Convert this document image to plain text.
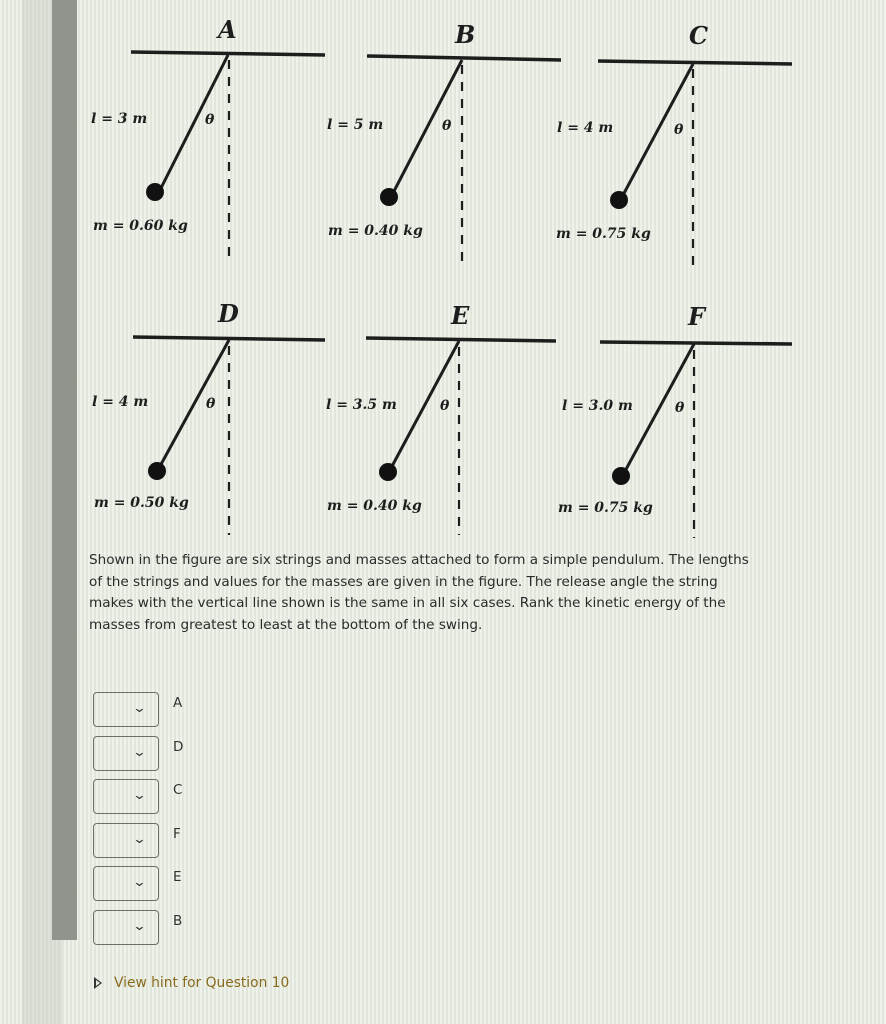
A
l = 3 m	θ
m = 0.60 kg
B
l = 5 m	θ
m = 0.40 kg
C
l = 4 m	θ
m = 0.75 kg
D
l = 4 m	θ
m = 0.50 kg
E
l = 3.5 m	θ
m = 0.40 kg
F
l = 3.0 m	θ
m = 0.75 kg
Shown in the figure are six strings and masses attached to form a simple pendulum. The lengths of the strings and values for the masses are given in the figure. The release angle the string makes with the vertical line shown is the same in all six cases. Rank the kinetic energy of the masses from greatest to least at the bottom of the swing.
⌄ A
⌄ D
⌄ C
⌄ F
⌄ E
⌄ B
View hint for Question 10
